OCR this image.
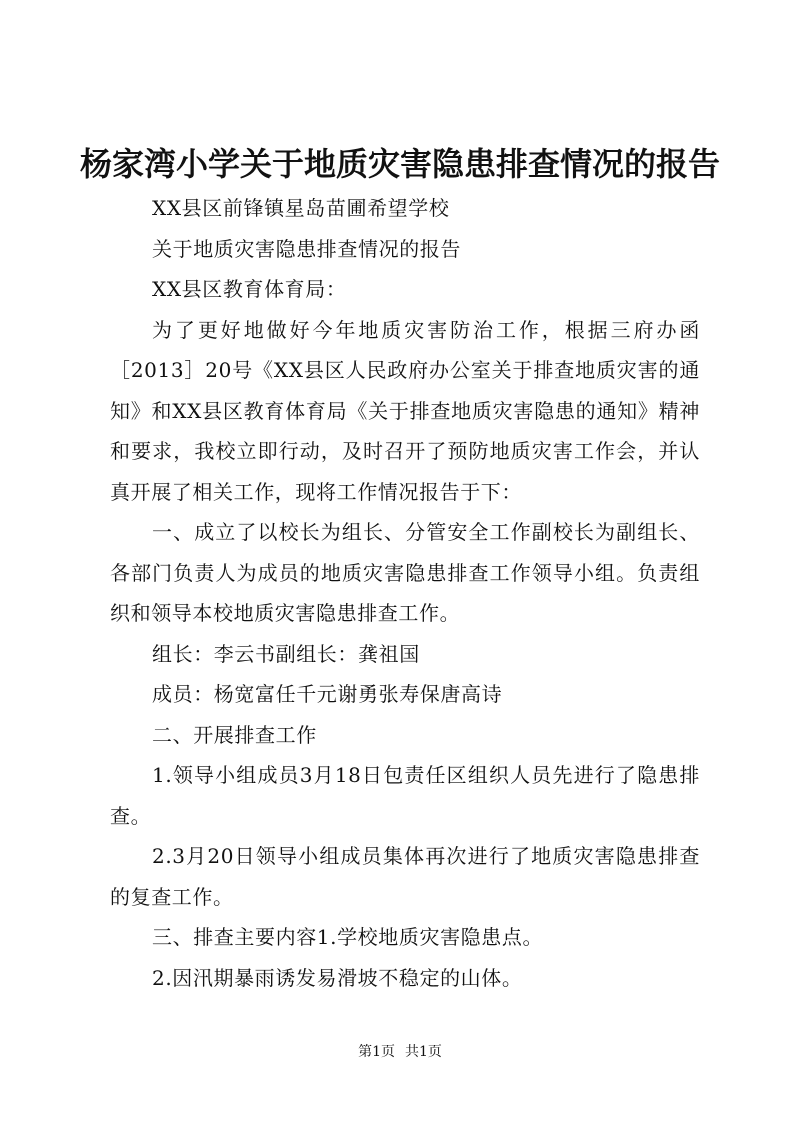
杨家湾小学关于地质灾害隐患排查情况的报告

XX县区前锋镇星岛苗圃希望学校

关于地质灾害隐患排查情况的报告

XX县区教育体育局：

为了更好地做好今年地质灾害防治工作，根据三府办函［2013］20号《XX县区人民政府办公室关于排查地质灾害的通知》和XX县区教育体育局《关于排查地质灾害隐患的通知》精神和要求，我校立即行动，及时召开了预防地质灾害工作会，并认真开展了相关工作，现将工作情况报告于下：

一、成立了以校长为组长、分管安全工作副校长为副组长、各部门负责人为成员的地质灾害隐患排查工作领导小组。负责组织和领导本校地质灾害隐患排查工作。

组长：李云书副组长：龚祖国

成员：杨宽富任千元谢勇张寿保唐高诗

二、开展排查工作

1.领导小组成员3月18日包责任区组织人员先进行了隐患排查。

2.3月20日领导小组成员集体再次进行了地质灾害隐患排查的复查工作。

三、排查主要内容1.学校地质灾害隐患点。

2.因汛期暴雨诱发易滑坡不稳定的山体。

第1页 共1页
